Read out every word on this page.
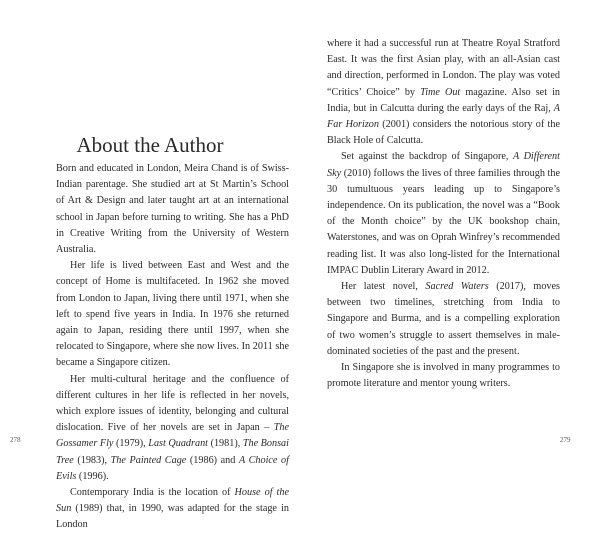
About the Author

Born and educated in London, Meira Chand is of Swiss-Indian parentage. She studied art at St Martin’s School of Art & Design and later taught art at an international school in Japan before turning to writing. She has a PhD in Creative Writing from the University of Western Australia.

Her life is lived between East and West and the concept of Home is multifaceted. In 1962 she moved from London to Japan, living there until 1971, when she left to spend five years in India. In 1976 she returned again to Japan, residing there until 1997, when she relocated to Singapore, where she now lives. In 2011 she became a Singapore citizen.

Her multi-cultural heritage and the confluence of different cultures in her life is reflected in her novels, which explore issues of identity, belonging and cultural dislocation. Five of her novels are set in Japan – The Gossamer Fly (1979), Last Quadrant (1981), The Bonsai Tree (1983), The Painted Cage (1986) and A Choice of Evils (1996).

Contemporary India is the location of House of the Sun (1989) that, in 1990, was adapted for the stage in London

278

where it had a successful run at Theatre Royal Stratford East. It was the first Asian play, with an all-Asian cast and direction, performed in London. The play was voted “Critics’ Choice” by Time Out magazine. Also set in India, but in Calcutta during the early days of the Raj, A Far Horizon (2001) considers the notorious story of the Black Hole of Calcutta.

Set against the backdrop of Singapore, A Different Sky (2010) follows the lives of three families through the 30 tumultuous years leading up to Singapore’s independence. On its publication, the novel was a “Book of the Month choice” by the UK bookshop chain, Waterstones, and was on Oprah Winfrey’s recommended reading list. It was also long-listed for the International IMPAC Dublin Literary Award in 2012.

Her latest novel, Sacred Waters (2017), moves between two timelines, stretching from India to Singapore and Burma, and is a compelling exploration of two women’s struggle to assert themselves in male-dominated societies of the past and the present.

In Singapore she is involved in many programmes to promote literature and mentor young writers.

279
